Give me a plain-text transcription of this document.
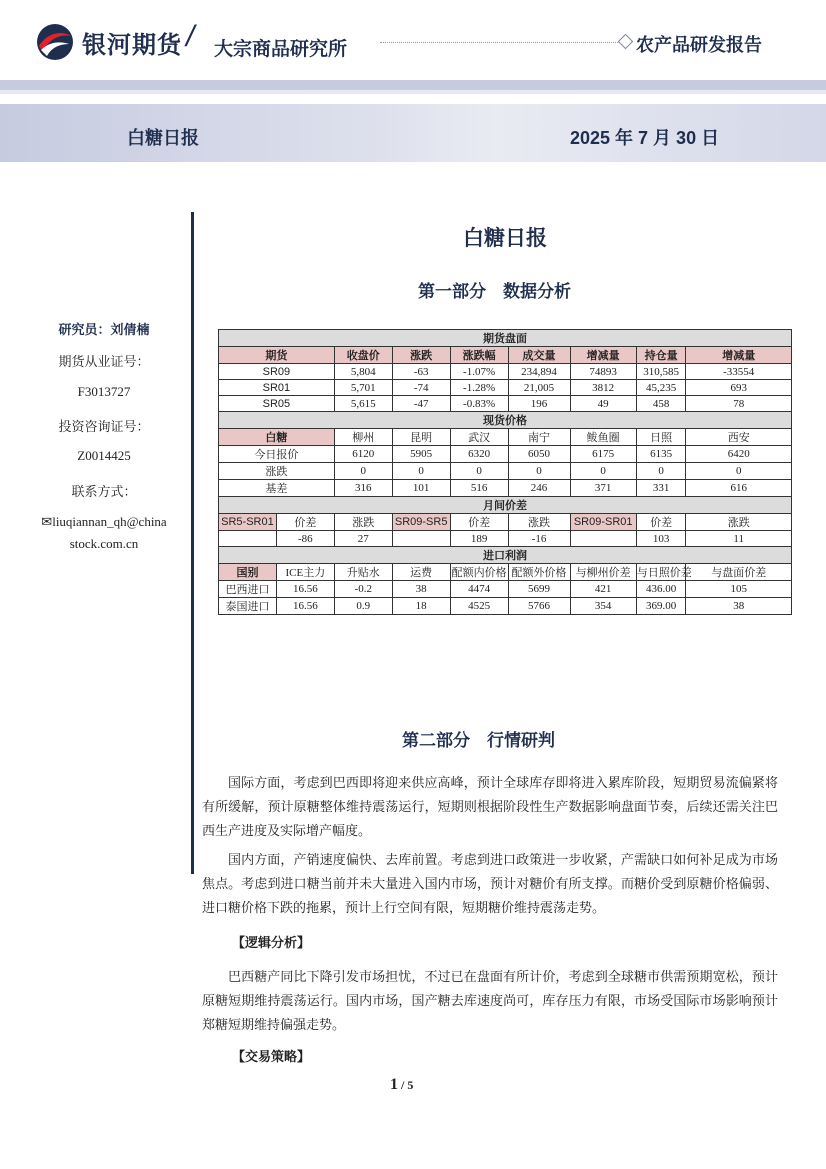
银河期货 / 大宗商品研究所	农产品研发报告
白糖日报	2025 年 7 月 30 日
研究员：刘倩楠
期货从业证号：
F3013727
投资咨询证号：
Z0014425
联系方式：
✉liuqiannan_qh@china
stock.com.cn
白糖日报
第一部分　数据分析
期货盘面								
期货		收盘价	涨跌	涨跌幅	成交量	增减量	持仓量	增减量
SR09		5,804	-63	-1.07%	234,894	74893	310,585	-33554
SR01		5,701	-74	-1.28%	21,005	3812	45,235	693
SR05		5,615	-47	-0.83%	196	49	458	78
现货价格								
白糖		柳州	昆明	武汉	南宁	鲅鱼圈	日照	西安
今日报价		6120	5905	6320	6050	6175	6135	6420
涨跌		0	0	0	0	0	0	0
基差		316	101	516	246	371	331	616
月间价差								
SR5-SR01	价差	涨跌	SR09-SR5	价差	涨跌	SR09-SR01	价差	涨跌
	-86	27		189	-16		103	11
进口利润								
国别	ICE主力	升贴水	运费	配额内价格	配额外价格	与柳州价差	与日照价差	与盘面价差
巴西进口	16.56	-0.2	38	4474	5699	421	436.00	105
泰国进口	16.56	0.9	18	4525	5766	354	369.00	38
第二部分　行情研判
国际方面，考虑到巴西即将迎来供应高峰，预计全球库存即将进入累库阶段，短期贸易流偏紧将有所缓解，预计原糖整体维持震荡运行，短期则根据阶段性生产数据影响盘面节奏，后续还需关注巴西生产进度及实际增产幅度。
国内方面，产销速度偏快、去库前置。考虑到进口政策进一步收紧，产需缺口如何补足成为市场焦点。考虑到进口糖当前并未大量进入国内市场，预计对糖价有所支撑。而糖价受到原糖价格偏弱、进口糖价格下跌的拖累，预计上行空间有限，短期糖价维持震荡走势。
【逻辑分析】
巴西糖产同比下降引发市场担忧，不过已在盘面有所计价，考虑到全球糖市供需预期宽松，预计原糖短期维持震荡运行。国内市场，国产糖去库速度尚可，库存压力有限，市场受国际市场影响预计郑糖短期维持偏强走势。
【交易策略】
1 / 5
